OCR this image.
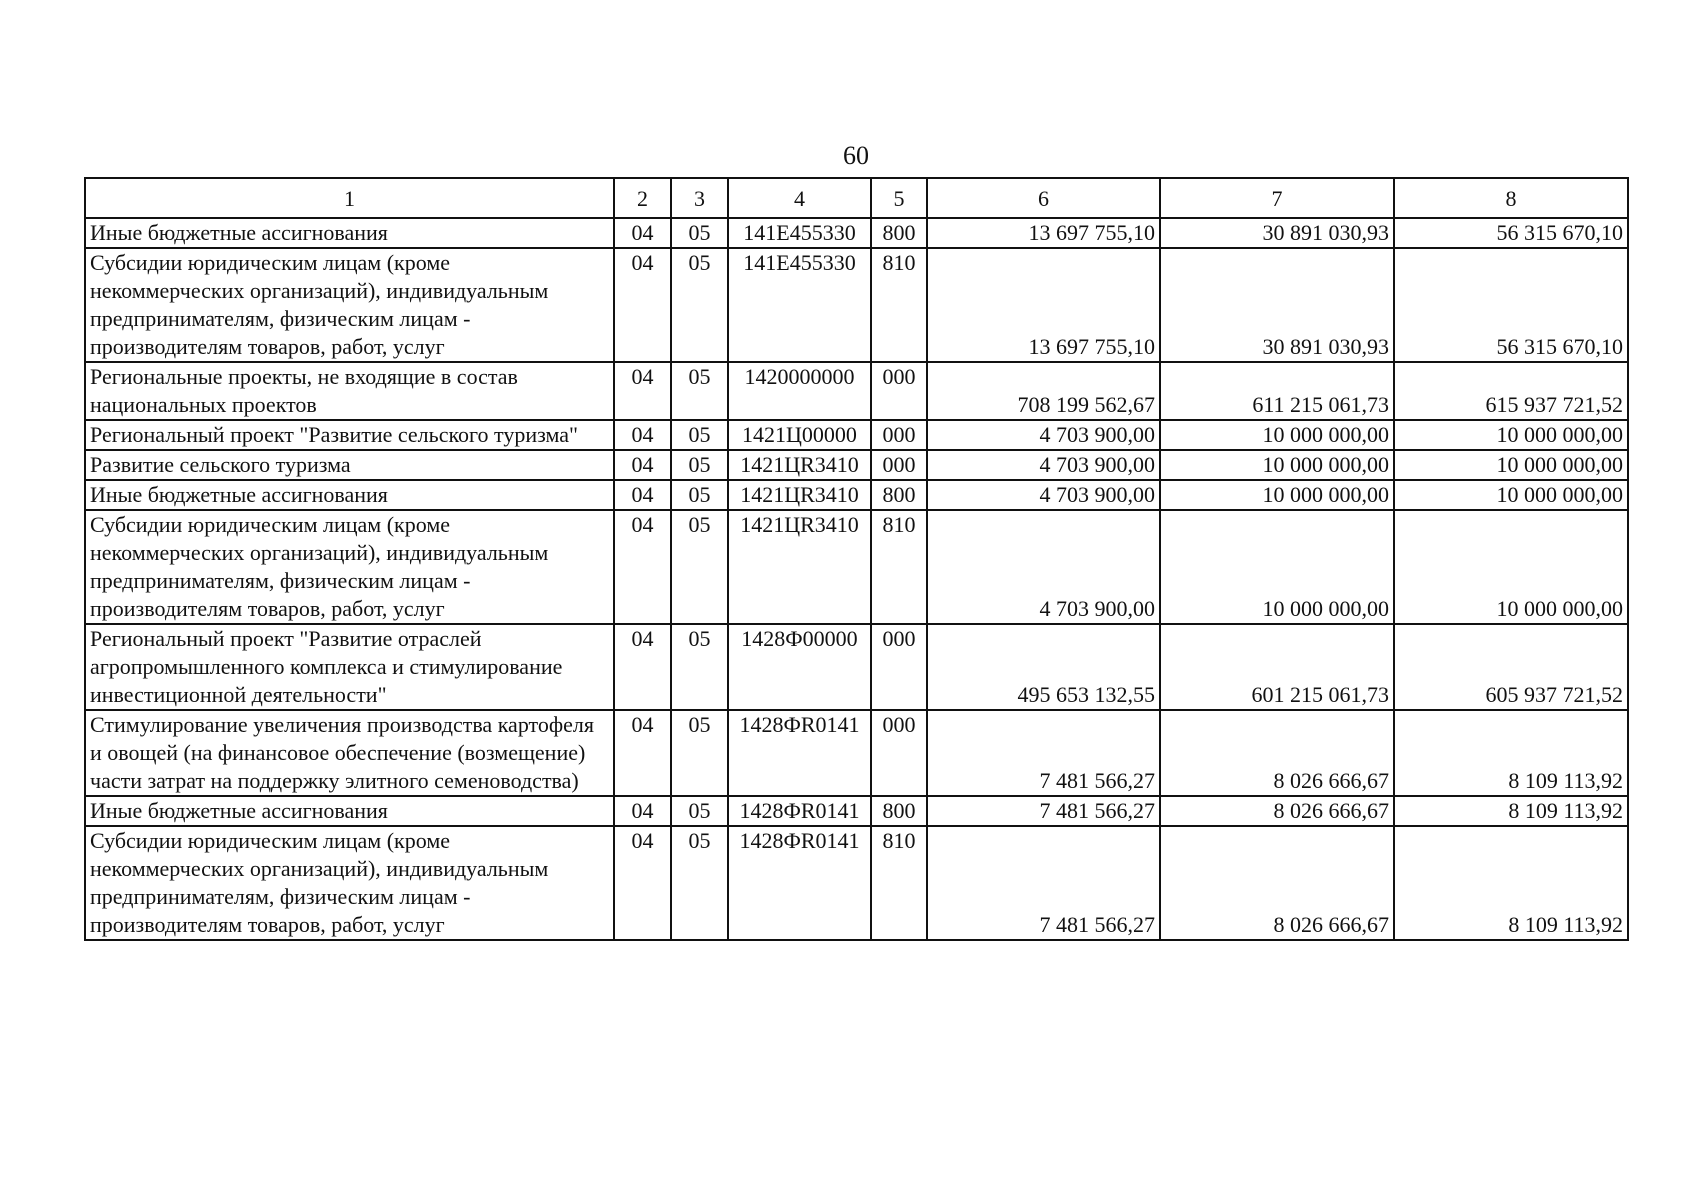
60
1	2	3	4	5	6	7	8
Иные бюджетные ассигнования	04	05	141Е455330	800	13 697 755,10	30 891 030,93	56 315 670,10
Субсидии юридическим лицам (кроме некоммерческих организаций), индивидуальным предпринимателям, физическим лицам - производителям товаров, работ, услуг	04	05	141Е455330	810	13 697 755,10	30 891 030,93	56 315 670,10
Региональные проекты, не входящие в состав национальных проектов	04	05	1420000000	000	708 199 562,67	611 215 061,73	615 937 721,52
Региональный проект "Развитие сельского туризма"	04	05	1421Ц00000	000	4 703 900,00	10 000 000,00	10 000 000,00
Развитие сельского туризма	04	05	1421ЦR3410	000	4 703 900,00	10 000 000,00	10 000 000,00
Иные бюджетные ассигнования	04	05	1421ЦR3410	800	4 703 900,00	10 000 000,00	10 000 000,00
Субсидии юридическим лицам (кроме некоммерческих организаций), индивидуальным предпринимателям, физическим лицам - производителям товаров, работ, услуг	04	05	1421ЦR3410	810	4 703 900,00	10 000 000,00	10 000 000,00
Региональный проект "Развитие отраслей агропромышленного комплекса и стимулирование инвестиционной деятельности"	04	05	1428Ф00000	000	495 653 132,55	601 215 061,73	605 937 721,52
Стимулирование увеличения производства картофеля и овощей (на финансовое обеспечение (возмещение) части затрат на поддержку элитного семеноводства)	04	05	1428ФR0141	000	7 481 566,27	8 026 666,67	8 109 113,92
Иные бюджетные ассигнования	04	05	1428ФR0141	800	7 481 566,27	8 026 666,67	8 109 113,92
Субсидии юридическим лицам (кроме некоммерческих организаций), индивидуальным предпринимателям, физическим лицам - производителям товаров, работ, услуг	04	05	1428ФR0141	810	7 481 566,27	8 026 666,67	8 109 113,92
